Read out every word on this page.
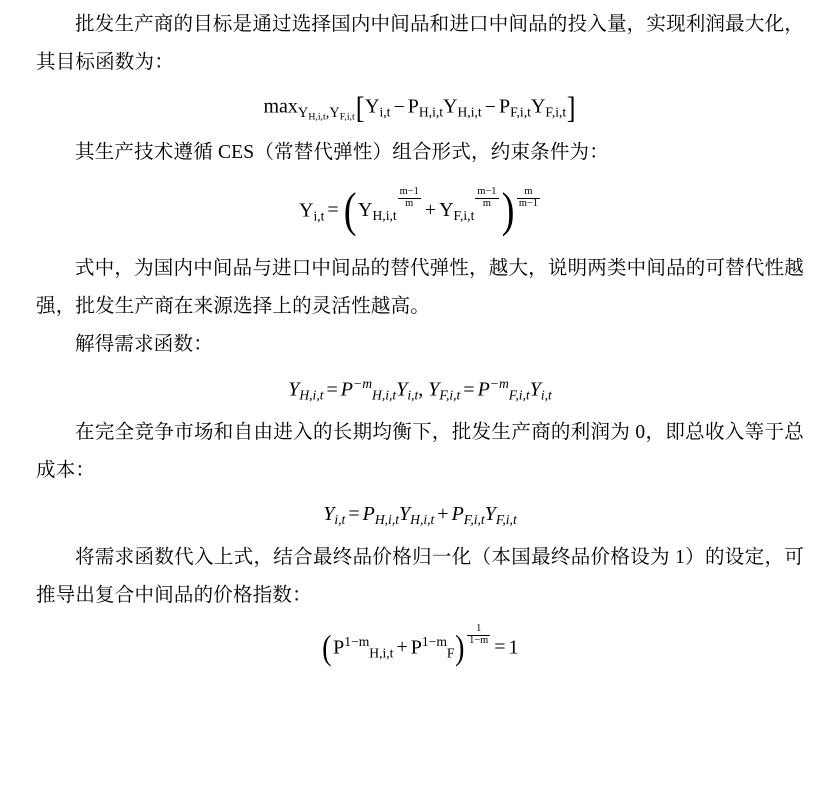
批发生产商的目标是通过选择国内中间品和进口中间品的投入量，实现利润最大化，其目标函数为：

$\max_{Y_{H,i,t},Y_{F,i,t}}[Y_{i,t} - P_{H,i,t}Y_{H,i,t} - P_{F,i,t}Y_{F,i,t}]$

其生产技术遵循 CES（常替代弹性）组合形式，约束条件为：

$Y_{i,t} =(Y_{H,i,t}$
$\frac{m-1}{m}$
+ $Y_{F,i,t}$
$\frac{m-1}{m}$ ) $\frac{m}{m-1}$

式中，为国内中间品与进口中间品的替代弹性，越大，说明两类中间品的可替代性越强，批发生产商在来源选择上的灵活性越高。

解得需求函数：

$Y_{H,i,t} = P^{-m}_{H,i,t}Y_{i,t}$, $Y_{F,i,t} = P^{-m}_{F,i,t}Y_{i,t}$

在完全竞争市场和自由进入的长期均衡下，批发生产商的利润为 0，即总收入等于总成本：

$Y_{i,t} = P_{H,i,t}Y_{H,i,t} + P_{F,i,t}Y_{F,i,t}$

将需求函数代入上式，结合最终品价格归一化（本国最终品价格设为 1）的设定，可推导出复合中间品的价格指数：

$(P^{1-m}_{H,i,t} + P^{1-m}_F) \frac{1}{1-m}$
= 1
